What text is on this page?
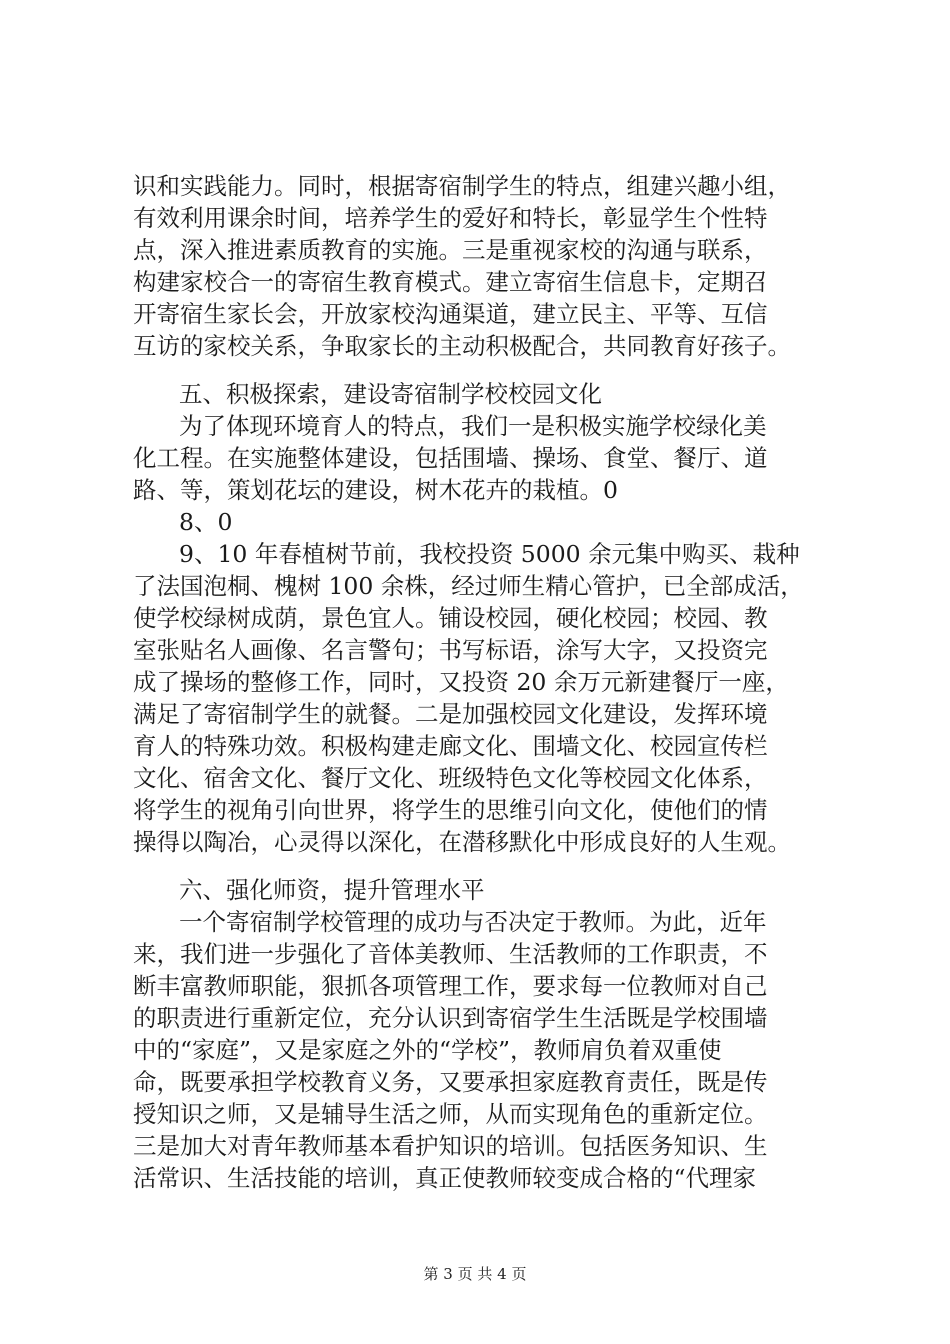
识和实践能力。同时，根据寄宿制学生的特点，组建兴趣小组，
有效利用课余时间，培养学生的爱好和特长，彰显学生个性特
点，深入推进素质教育的实施。三是重视家校的沟通与联系，
构建家校合一的寄宿生教育模式。建立寄宿生信息卡，定期召
开寄宿生家长会，开放家校沟通渠道，建立民主、平等、互信
互访的家校关系，争取家长的主动积极配合，共同教育好孩子。
五、积极探索，建设寄宿制学校校园文化
为了体现环境育人的特点，我们一是积极实施学校绿化美
化工程。在实施整体建设，包括围墙、操场、食堂、餐厅、道
路、等，策划花坛的建设，树木花卉的栽植。0
8、0
9、10 年春植树节前，我校投资 5000 余元集中购买、栽种
了法国泡桐、槐树 100 余株，经过师生精心管护，已全部成活，
使学校绿树成荫，景色宜人。铺设校园，硬化校园；校园、教
室张贴名人画像、名言警句；书写标语，涂写大字，又投资完
成了操场的整修工作，同时，又投资 20 余万元新建餐厅一座，
满足了寄宿制学生的就餐。二是加强校园文化建设，发挥环境
育人的特殊功效。积极构建走廊文化、围墙文化、校园宣传栏
文化、宿舍文化、餐厅文化、班级特色文化等校园文化体系，
将学生的视角引向世界，将学生的思维引向文化，使他们的情
操得以陶冶，心灵得以深化，在潜移默化中形成良好的人生观。
六、强化师资，提升管理水平
一个寄宿制学校管理的成功与否决定于教师。为此，近年
来，我们进一步强化了音体美教师、生活教师的工作职责，不
断丰富教师职能，狠抓各项管理工作，要求每一位教师对自己
的职责进行重新定位，充分认识到寄宿学生生活既是学校围墙
中的“家庭”，又是家庭之外的“学校”，教师肩负着双重使
命，既要承担学校教育义务，又要承担家庭教育责任，既是传
授知识之师，又是辅导生活之师，从而实现角色的重新定位。
三是加大对青年教师基本看护知识的培训。包括医务知识、生
活常识、生活技能的培训，真正使教师较变成合格的“代理家
第 3 页 共 4 页
